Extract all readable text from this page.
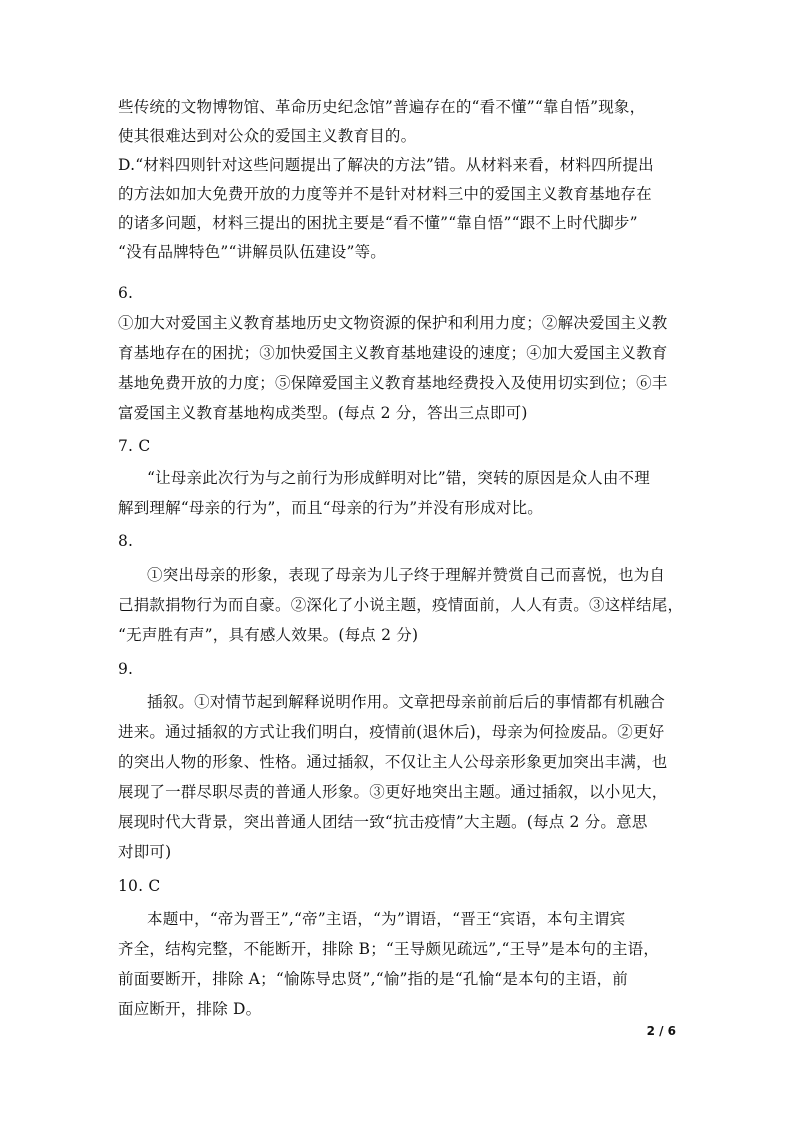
些传统的文物博物馆、革命历史纪念馆”普遍存在的“看不懂”“靠自悟”现象，
使其很难达到对公众的爱国主义教育目的。
D.“材料四则针对这些问题提出了解决的方法”错。从材料来看，材料四所提出
的方法如加大免费开放的力度等并不是针对材料三中的爱国主义教育基地存在
的诸多问题，材料三提出的困扰主要是“看不懂”“靠自悟”“跟不上时代脚步”
“没有品牌特色”“讲解员队伍建设”等。
6.
①加大对爱国主义教育基地历史文物资源的保护和利用力度；②解决爱国主义教
育基地存在的困扰；③加快爱国主义教育基地建设的速度；④加大爱国主义教育
基地免费开放的力度；⑤保障爱国主义教育基地经费投入及使用切实到位；⑥丰
富爱国主义教育基地构成类型。(每点 2 分，答出三点即可)
7. C
“让母亲此次行为与之前行为形成鲜明对比”错，突转的原因是众人由不理
解到理解“母亲的行为”，而且“母亲的行为”并没有形成对比。
8.
①突出母亲的形象，表现了母亲为儿子终于理解并赞赏自己而喜悦，也为自
己捐款捐物行为而自豪。②深化了小说主题，疫情面前，人人有责。③这样结尾，
“无声胜有声”，具有感人效果。(每点 2 分)
9.
插叙。①对情节起到解释说明作用。文章把母亲前前后后的事情都有机融合
进来。通过插叙的方式让我们明白，疫情前(退休后)，母亲为何捡废品。②更好
的突出人物的形象、性格。通过插叙，不仅让主人公母亲形象更加突出丰满，也
展现了一群尽职尽责的普通人形象。③更好地突出主题。通过插叙，以小见大，
展现时代大背景，突出普通人团结一致“抗击疫情”大主题。(每点 2 分。意思
对即可)
10. C
本题中，“帝为晋王”,“帝”主语，“为”谓语，“晋王“宾语，本句主谓宾
齐全，结构完整，不能断开，排除 B；“王导颇见疏远”,“王导”是本句的主语，
前面要断开，排除 A；“愉陈导忠贤”,“愉”指的是“孔愉“是本句的主语，前
面应断开，排除 D。
2 / 6
